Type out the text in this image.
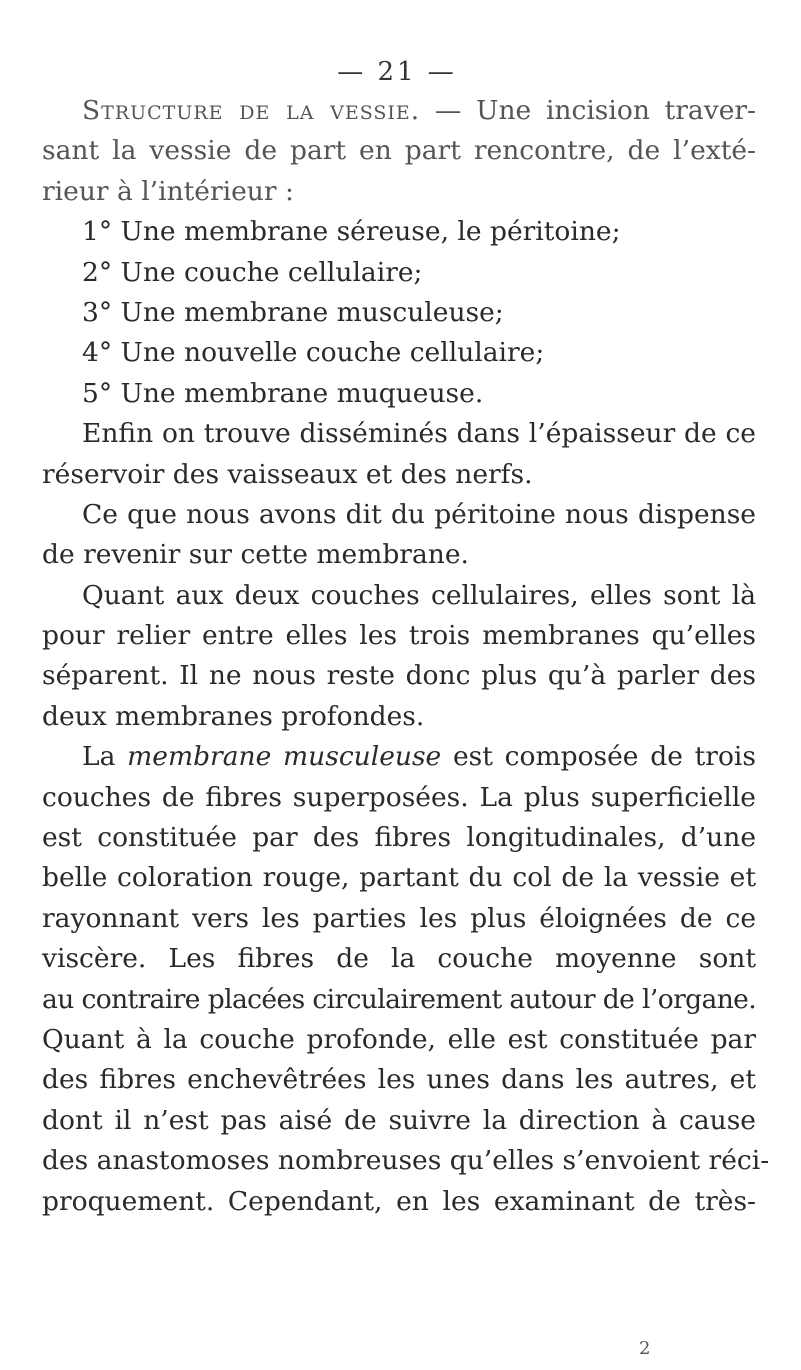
— 21 —
Structure de la vessie. — Une incision traver-
sant la vessie de part en part rencontre, de l’exté-
rieur à l’intérieur :
1° Une membrane séreuse, le péritoine;
2° Une couche cellulaire;
3° Une membrane musculeuse;
4° Une nouvelle couche cellulaire;
5° Une membrane muqueuse.
Enfin on trouve disséminés dans l’épaisseur de ce
réservoir des vaisseaux et des nerfs.
Ce que nous avons dit du péritoine nous dispense
de revenir sur cette membrane.
Quant aux deux couches cellulaires, elles sont là
pour relier entre elles les trois membranes qu’elles
séparent. Il ne nous reste donc plus qu’à parler des
deux membranes profondes.
La membrane musculeuse est composée de trois
couches de fibres superposées. La plus superficielle
est constituée par des fibres longitudinales, d’une
belle coloration rouge, partant du col de la vessie et
rayonnant vers les parties les plus éloignées de ce
viscère. Les fibres de la couche moyenne sont
au contraire placées circulairement autour de l’organe.
Quant à la couche profonde, elle est constituée par
des fibres enchevêtrées les unes dans les autres, et
dont il n’est pas aisé de suivre la direction à cause
des anastomoses nombreuses qu’elles s’envoient réci-
proquement. Cependant, en les examinant de très-
2
